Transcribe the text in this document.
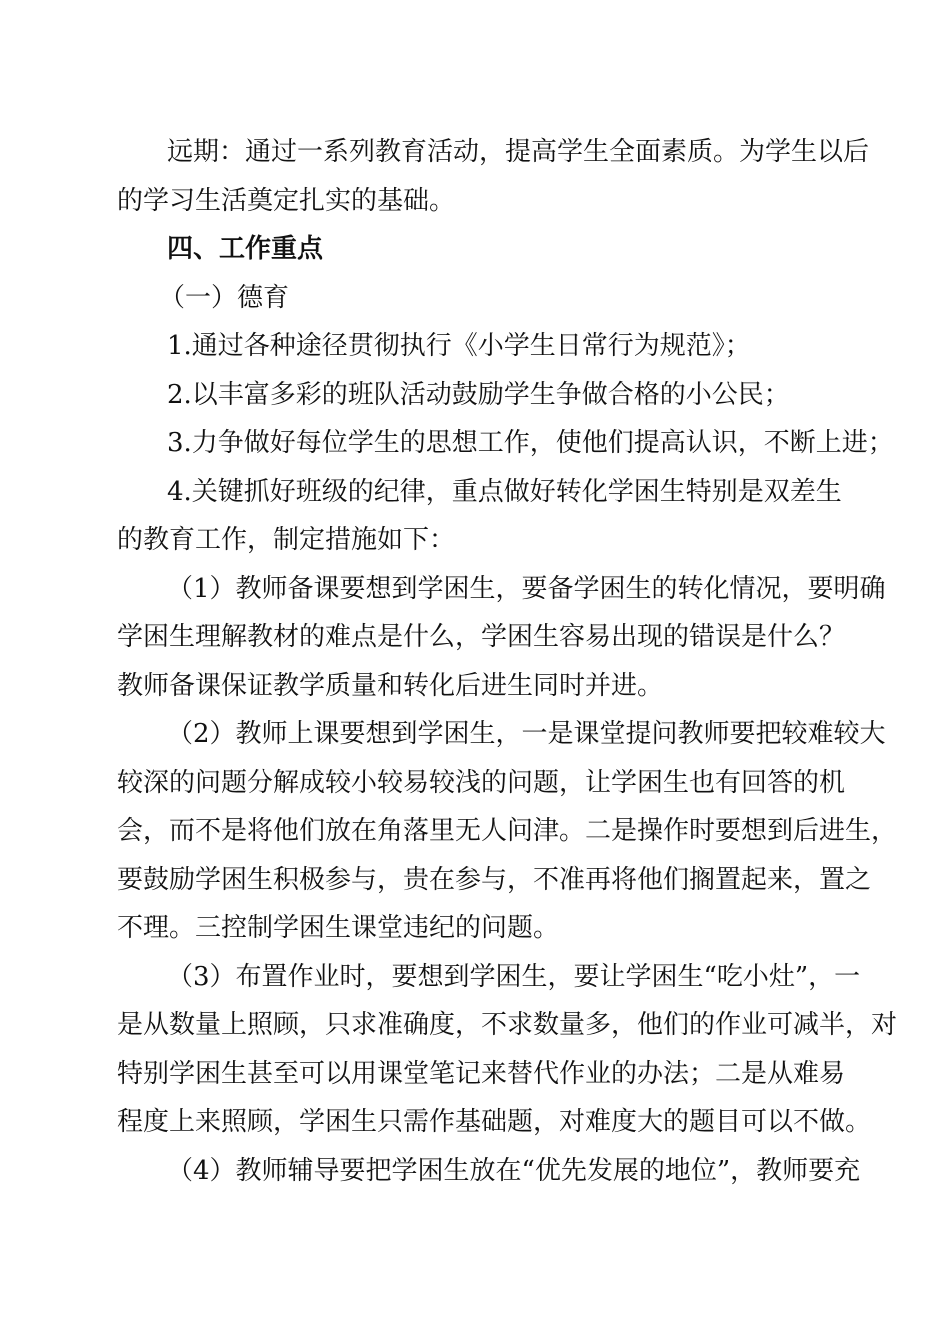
远期：通过一系列教育活动，提高学生全面素质。为学生以后
的学习生活奠定扎实的基础。
四、工作重点
（一）德育
1.通过各种途径贯彻执行《小学生日常行为规范》；
2.以丰富多彩的班队活动鼓励学生争做合格的小公民；
3.力争做好每位学生的思想工作，使他们提高认识，不断上进；
4.关键抓好班级的纪律，重点做好转化学困生特别是双差生
的教育工作，制定措施如下：
（1）教师备课要想到学困生，要备学困生的转化情况，要明确
学困生理解教材的难点是什么，学困生容易出现的错误是什么？
教师备课保证教学质量和转化后进生同时并进。
（2）教师上课要想到学困生，一是课堂提问教师要把较难较大
较深的问题分解成较小较易较浅的问题，让学困生也有回答的机
会，而不是将他们放在角落里无人问津。二是操作时要想到后进生，
要鼓励学困生积极参与，贵在参与，不准再将他们搁置起来，置之
不理。三控制学困生课堂违纪的问题。
（3）布置作业时，要想到学困生，要让学困生“吃小灶”，一
是从数量上照顾，只求准确度，不求数量多，他们的作业可减半，对
特别学困生甚至可以用课堂笔记来替代作业的办法；二是从难易
程度上来照顾，学困生只需作基础题，对难度大的题目可以不做。
（4）教师辅导要把学困生放在“优先发展的地位”，教师要充
